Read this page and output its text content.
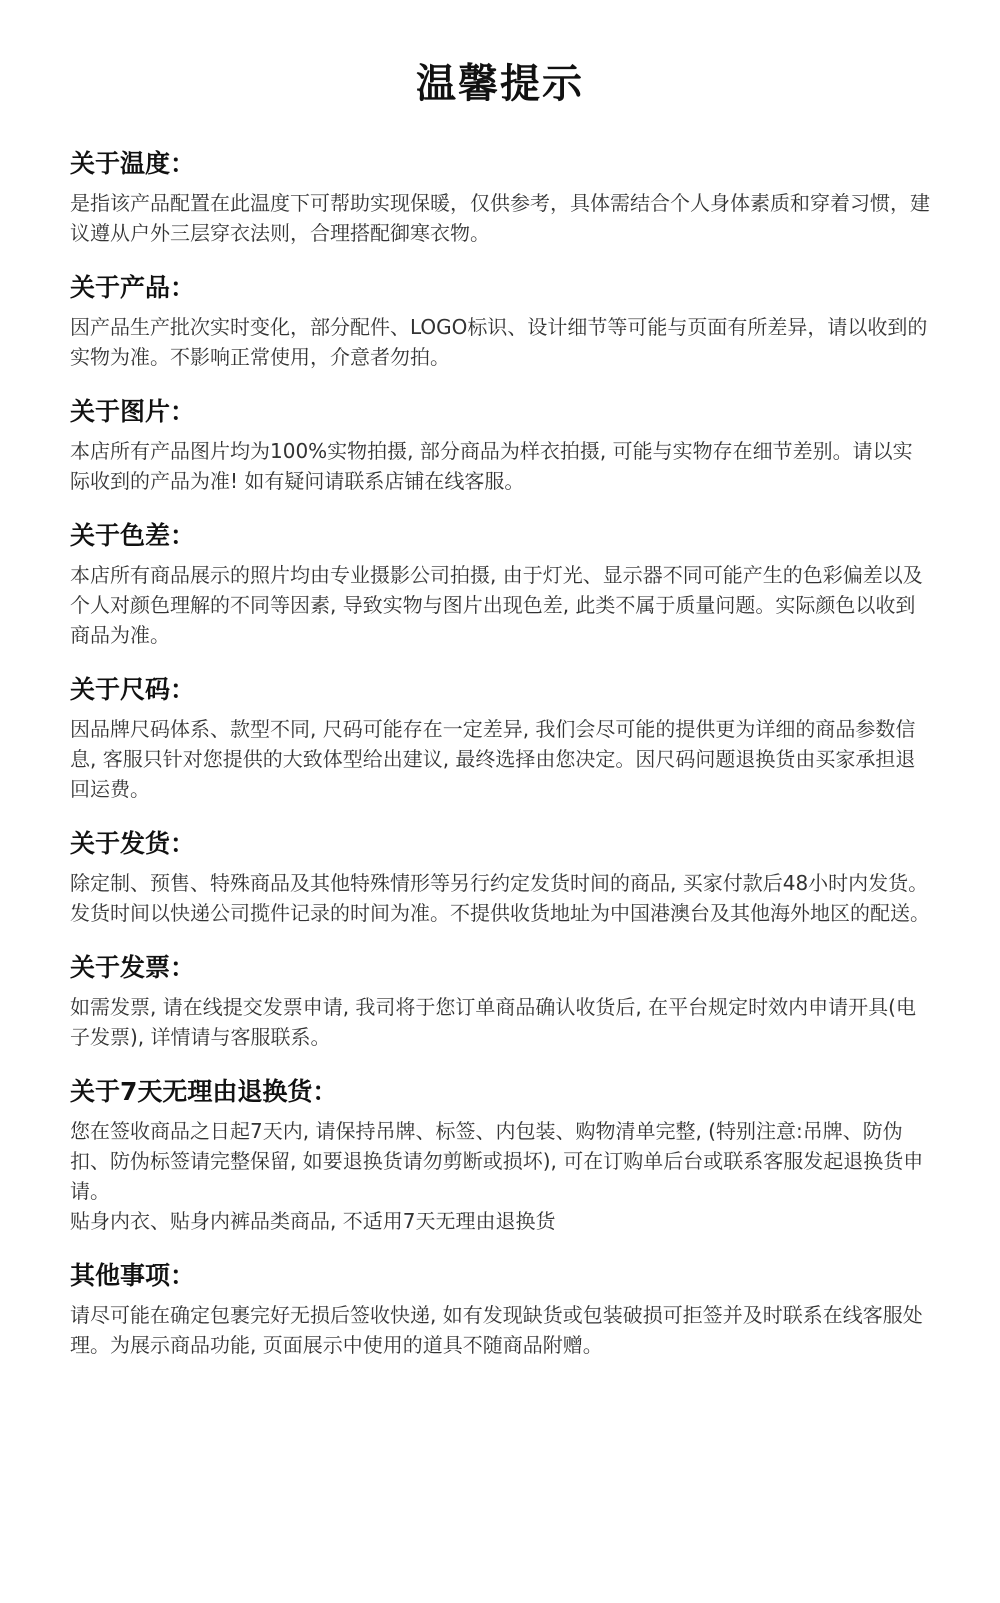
温馨提示
关于温度：

是指该产品配置在此温度下可帮助实现保暖，仅供参考，具体需结合个人身体素质和穿着习惯，建议遵从户外三层穿衣法则，合理搭配御寒衣物。

关于产品：

因产品生产批次实时变化，部分配件、LOGO标识、设计细节等可能与页面有所差异，请以收到的实物为准。不影响正常使用，介意者勿拍。

关于图片：

本店所有产品图片均为100%实物拍摄, 部分商品为样衣拍摄, 可能与实物存在细节差别。请以实际收到的产品为准! 如有疑问请联系店铺在线客服。

关于色差：

本店所有商品展示的照片均由专业摄影公司拍摄, 由于灯光、显示器不同可能产生的色彩偏差以及个人对颜色理解的不同等因素, 导致实物与图片出现色差, 此类不属于质量问题。实际颜色以收到商品为准。

关于尺码：

因品牌尺码体系、款型不同, 尺码可能存在一定差异, 我们会尽可能的提供更为详细的商品参数信息, 客服只针对您提供的大致体型给出建议, 最终选择由您决定。因尺码问题退换货由买家承担退回运费。

关于发货：

除定制、预售、特殊商品及其他特殊情形等另行约定发货时间的商品, 买家付款后48小时内发货。发货时间以快递公司揽件记录的时间为准。不提供收货地址为中国港澳台及其他海外地区的配送。

关于发票：

如需发票, 请在线提交发票申请, 我司将于您订单商品确认收货后, 在平台规定时效内申请开具(电子发票), 详情请与客服联系。

关于7天无理由退换货：

您在签收商品之日起7天内, 请保持吊牌、标签、内包装、购物清单完整, (特别注意:吊牌、防伪扣、防伪标签请完整保留, 如要退换货请勿剪断或损坏), 可在订购单后台或联系客服发起退换货申请。

贴身内衣、贴身内裤品类商品, 不适用7天无理由退换货

其他事项：

请尽可能在确定包裹完好无损后签收快递, 如有发现缺货或包装破损可拒签并及时联系在线客服处理。为展示商品功能, 页面展示中使用的道具不随商品附赠。
